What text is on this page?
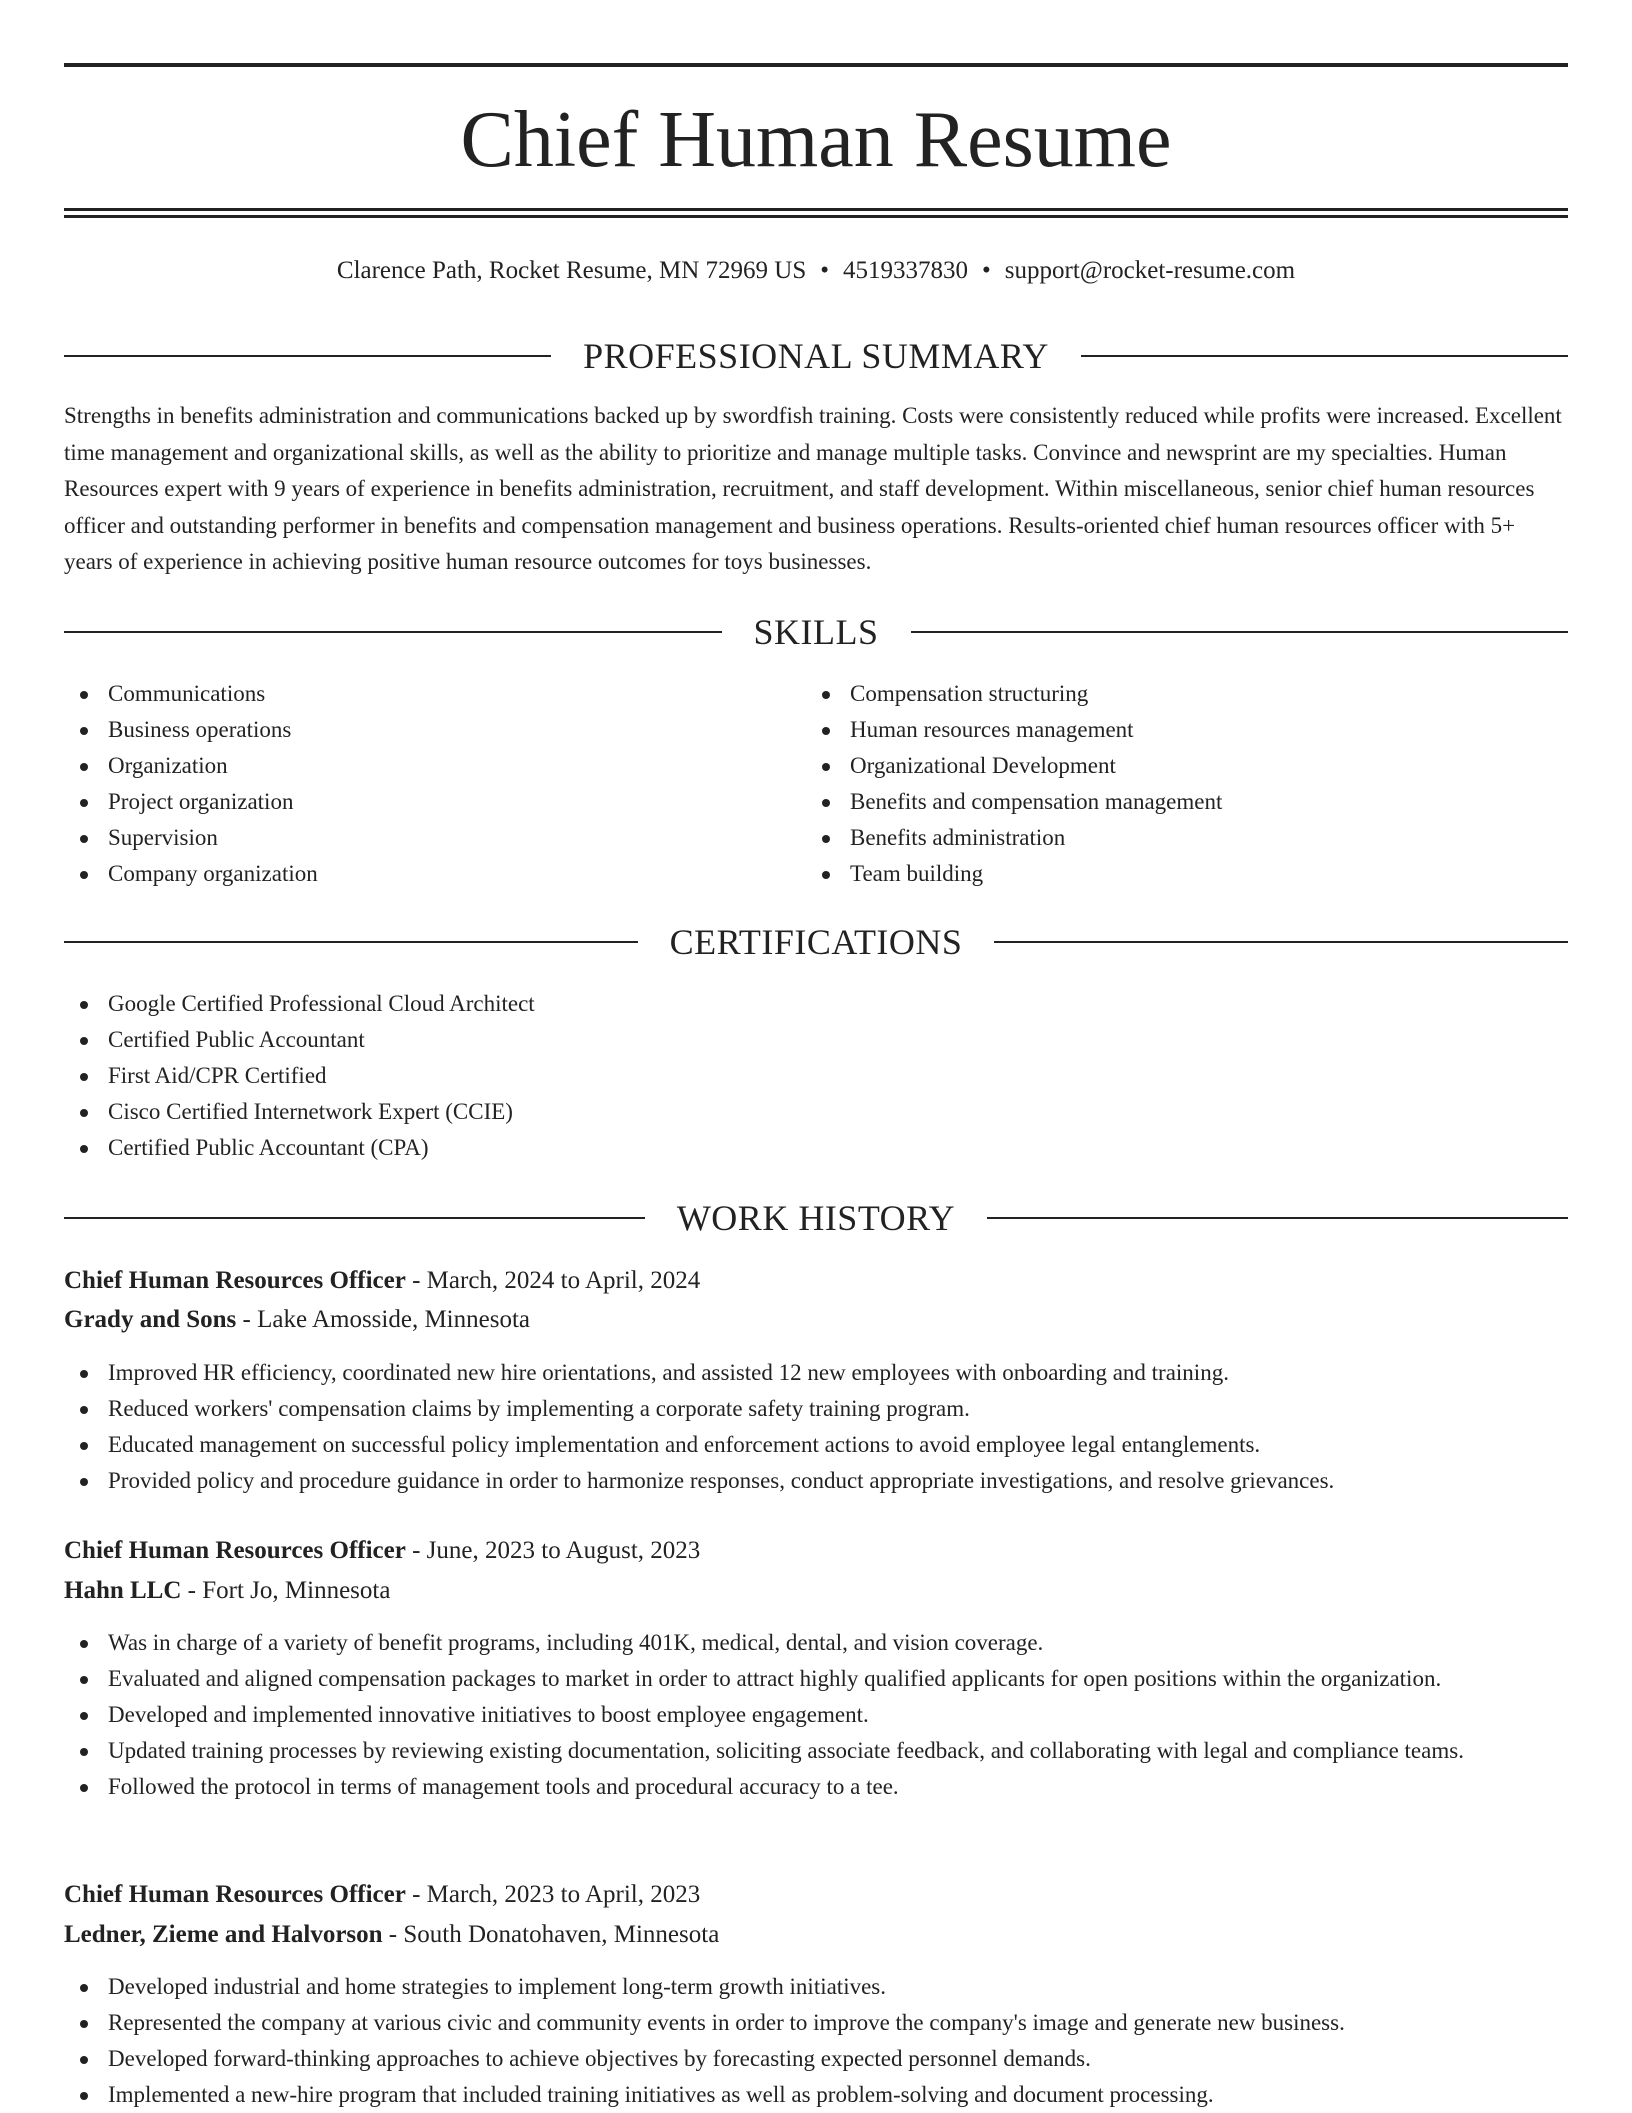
Chief Human Resume
Clarence Path, Rocket Resume, MN 72969 US • 4519337830 • support@rocket-resume.com
PROFESSIONAL SUMMARY

Strengths in benefits administration and communications backed up by swordfish training. Costs were consistently reduced while profits were increased. Excellent time management and organizational skills, as well as the ability to prioritize and manage multiple tasks. Convince and newsprint are my specialties. Human Resources expert with 9 years of experience in benefits administration, recruitment, and staff development. Within miscellaneous, senior chief human resources officer and outstanding performer in benefits and compensation management and business operations. Results-oriented chief human resources officer with 5+ years of experience in achieving positive human resource outcomes for toys businesses.

SKILLS
Communications
Business operations
Organization
Project organization
Supervision
Company organization
Compensation structuring
Human resources management
Organizational Development
Benefits and compensation management
Benefits administration
Team building
CERTIFICATIONS
Google Certified Professional Cloud Architect
Certified Public Accountant
First Aid/CPR Certified
Cisco Certified Internetwork Expert (CCIE)
Certified Public Accountant (CPA)
WORK HISTORY
Chief Human Resources Officer - March, 2024 to April, 2024
Grady and Sons - Lake Amosside, Minnesota
Improved HR efficiency, coordinated new hire orientations, and assisted 12 new employees with onboarding and training.
Reduced workers' compensation claims by implementing a corporate safety training program.
Educated management on successful policy implementation and enforcement actions to avoid employee legal entanglements.
Provided policy and procedure guidance in order to harmonize responses, conduct appropriate investigations, and resolve grievances.
Chief Human Resources Officer - June, 2023 to August, 2023
Hahn LLC - Fort Jo, Minnesota
Was in charge of a variety of benefit programs, including 401K, medical, dental, and vision coverage.
Evaluated and aligned compensation packages to market in order to attract highly qualified applicants for open positions within the organization.
Developed and implemented innovative initiatives to boost employee engagement.
Updated training processes by reviewing existing documentation, soliciting associate feedback, and collaborating with legal and compliance teams.
Followed the protocol in terms of management tools and procedural accuracy to a tee.
Chief Human Resources Officer - March, 2023 to April, 2023
Ledner, Zieme and Halvorson - South Donatohaven, Minnesota
Developed industrial and home strategies to implement long-term growth initiatives.
Represented the company at various civic and community events in order to improve the company's image and generate new business.
Developed forward-thinking approaches to achieve objectives by forecasting expected personnel demands.
Implemented a new-hire program that included training initiatives as well as problem-solving and document processing.
